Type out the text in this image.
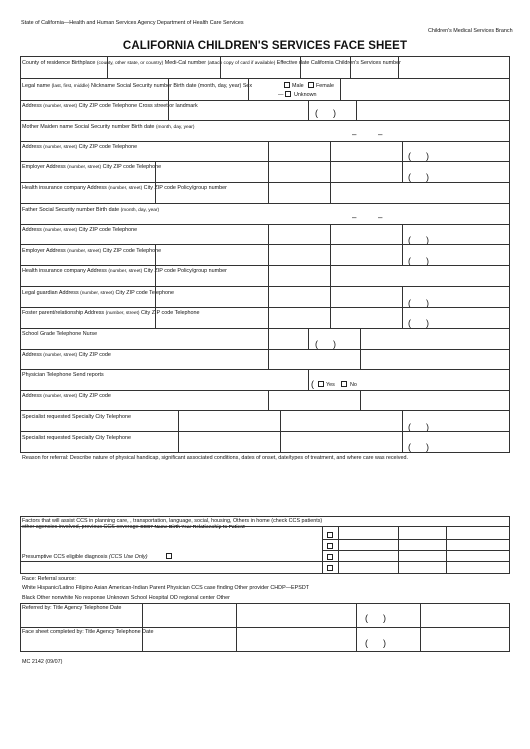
State of California—Health and Human Services Agency Department of Health Care Services
Children's Medical Services Branch
CALIFORNIA CHILDREN'S SERVICES FACE SHEET
County of residence Birthplace (county, other state, or country) Medi-Cal number (attach copy of card if available) Effective date California Children's Services number
Legal name (last, first, middle) Nickname Social Security number Birth date (month, day, year) Sex	Male Female
— Unknown
Address (number, street) City ZIP code Telephone Cross street or landmark
(      )
Mother Maiden name Social Security number Birth date (month, day, year)
–	–
Address (number, street) City ZIP code Telephone
(      )
Employer Address (number, street) City ZIP code Telephone
(      )
Health insurance company Address (number, street) City ZIP code Policy/group number
Father Social Security number Birth date (month, day, year)
–	–
Address (number, street) City ZIP code Telephone
(      )
Employer Address (number, street) City ZIP code Telephone
(      )
Health insurance company Address (number, street) City ZIP code Policy/group number
Legal guardian Address (number, street) City ZIP code Telephone
(      )
Foster parent/relationship Address (number, street) City ZIP code Telephone
(      )
School Grade Telephone Nurse
(      )
Address (number, street) City ZIP code
Physician Telephone Send reports
( Yes	No
Address (number, street) City ZIP code
Specialist requested Specialty City Telephone
(      )
Specialist requested Specialty City Telephone
(      )
Reason for referral: Describe nature of physical handicap, significant associated conditions, dates of onset, date/types of treatment, and where care was received.
Factors that will assist CCS in planning care, , transportation, language, social, housing, Others in home (check CCS patients)
other agencies involved, previous CCS coverage CCS? Name Birth Year Relationship to Patient
Presumptive CCS eligible diagnosis (CCS Use Only)
Race: Referral source:
White Hispanic/Latino Filipino Asian American-Indian Parent Physician CCS case finding Other provider CHDP—EPSDT
Black Other nonwhite No response Unknown School Hospital OD regional center Other
Referred by: Title Agency Telephone Date
(      )
Face sheet completed by: Title Agency Telephone Date
(      )
MC 2142 (09/07)
